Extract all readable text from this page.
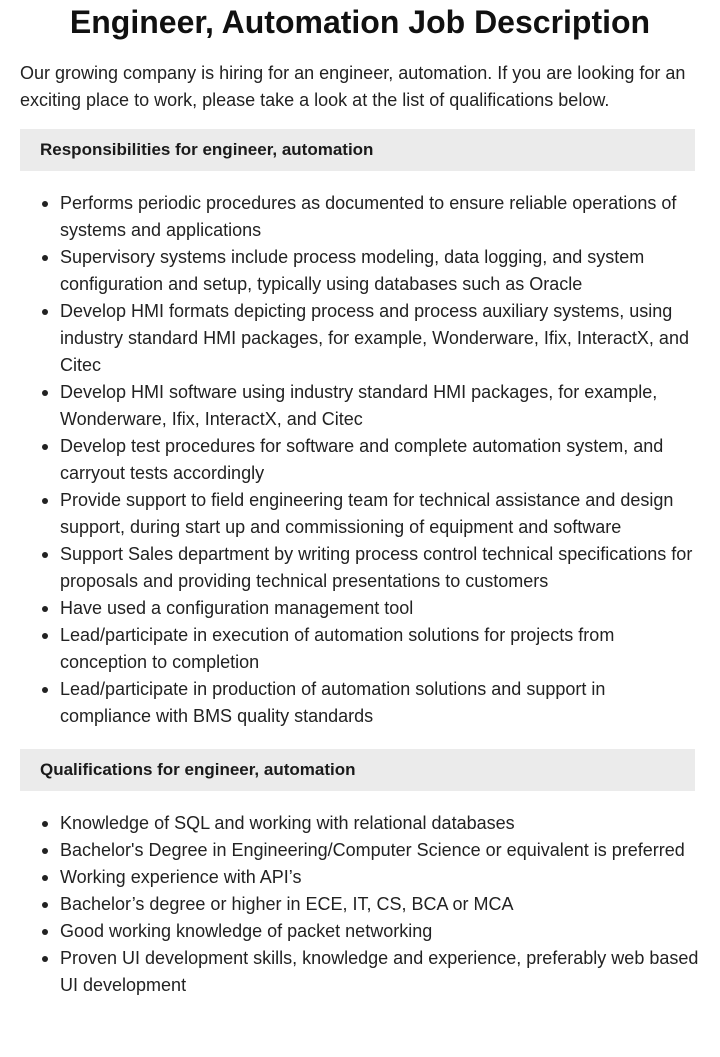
Engineer, Automation Job Description

Our growing company is hiring for an engineer, automation. If you are looking for an exciting place to work, please take a look at the list of qualifications below.

Responsibilities for engineer, automation
Performs periodic procedures as documented to ensure reliable operations of systems and applications
Supervisory systems include process modeling, data logging, and system configuration and setup, typically using databases such as Oracle
Develop HMI formats depicting process and process auxiliary systems, using industry standard HMI packages, for example, Wonderware, Ifix, InteractX, and Citec
Develop HMI software using industry standard HMI packages, for example, Wonderware, Ifix, InteractX, and Citec
Develop test procedures for software and complete automation system, and carryout tests accordingly
Provide support to field engineering team for technical assistance and design support, during start up and commissioning of equipment and software
Support Sales department by writing process control technical specifications for proposals and providing technical presentations to customers
Have used a configuration management tool
Lead/participate in execution of automation solutions for projects from conception to completion
Lead/participate in production of automation solutions and support in compliance with BMS quality standards
Qualifications for engineer, automation
Knowledge of SQL and working with relational databases
Bachelor's Degree in Engineering/Computer Science or equivalent is preferred
Working experience with API’s
Bachelor’s degree or higher in ECE, IT, CS, BCA or MCA
Good working knowledge of packet networking
Proven UI development skills, knowledge and experience, preferably web based UI development
